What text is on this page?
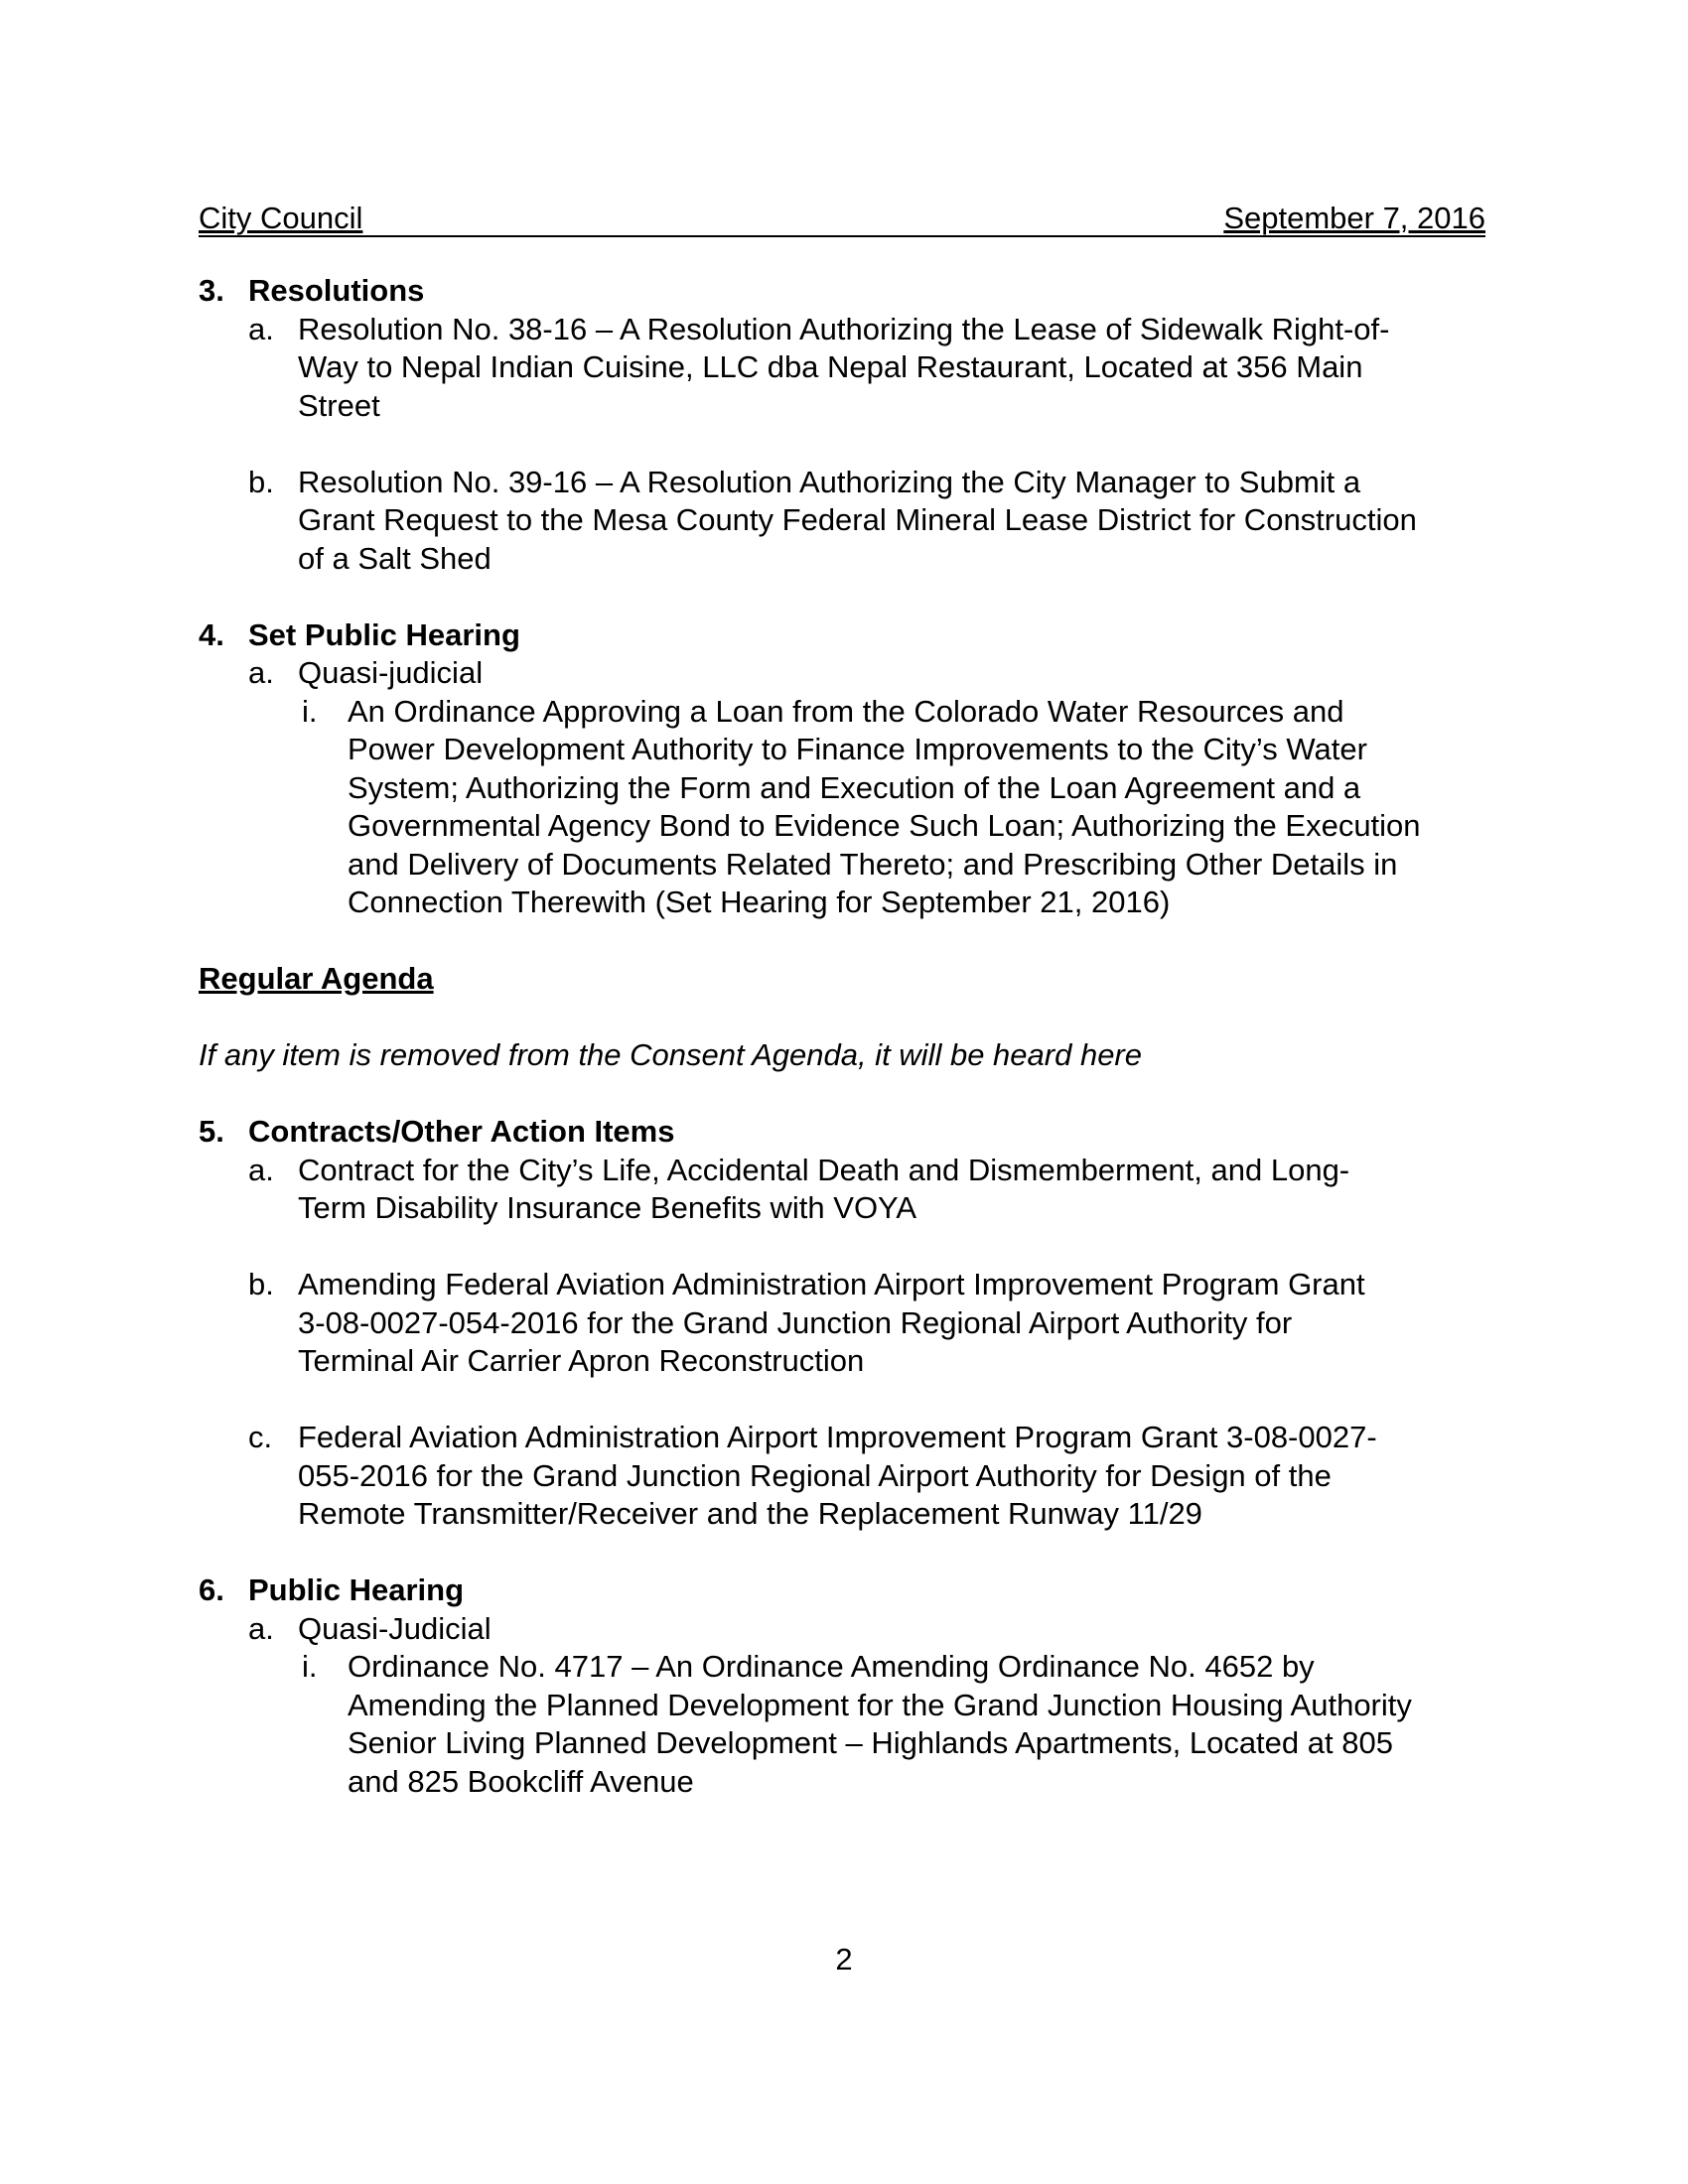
City Council	September 7, 2016
3. Resolutions
a. Resolution No. 38-16 – A Resolution Authorizing the Lease of Sidewalk Right-of-
Way to Nepal Indian Cuisine, LLC dba Nepal Restaurant, Located at 356 Main
Street
b. Resolution No. 39-16 – A Resolution Authorizing the City Manager to Submit a
Grant Request to the Mesa County Federal Mineral Lease District for Construction
of a Salt Shed
4. Set Public Hearing
a. Quasi-judicial
i. An Ordinance Approving a Loan from the Colorado Water Resources and
Power Development Authority to Finance Improvements to the City’s Water
System; Authorizing the Form and Execution of the Loan Agreement and a
Governmental Agency Bond to Evidence Such Loan; Authorizing the Execution
and Delivery of Documents Related Thereto; and Prescribing Other Details in
Connection Therewith (Set Hearing for September 21, 2016)
Regular Agenda
If any item is removed from the Consent Agenda, it will be heard here
5. Contracts/Other Action Items
a. Contract for the City’s Life, Accidental Death and Dismemberment, and Long-
Term Disability Insurance Benefits with VOYA
b. Amending Federal Aviation Administration Airport Improvement Program Grant
3-08-0027-054-2016 for the Grand Junction Regional Airport Authority for
Terminal Air Carrier Apron Reconstruction
c. Federal Aviation Administration Airport Improvement Program Grant 3-08-0027-
055-2016 for the Grand Junction Regional Airport Authority for Design of the
Remote Transmitter/Receiver and the Replacement Runway 11/29
6. Public Hearing
a. Quasi-Judicial
i. Ordinance No. 4717 – An Ordinance Amending Ordinance No. 4652 by
Amending the Planned Development for the Grand Junction Housing Authority
Senior Living Planned Development – Highlands Apartments, Located at 805
and 825 Bookcliff Avenue
2
